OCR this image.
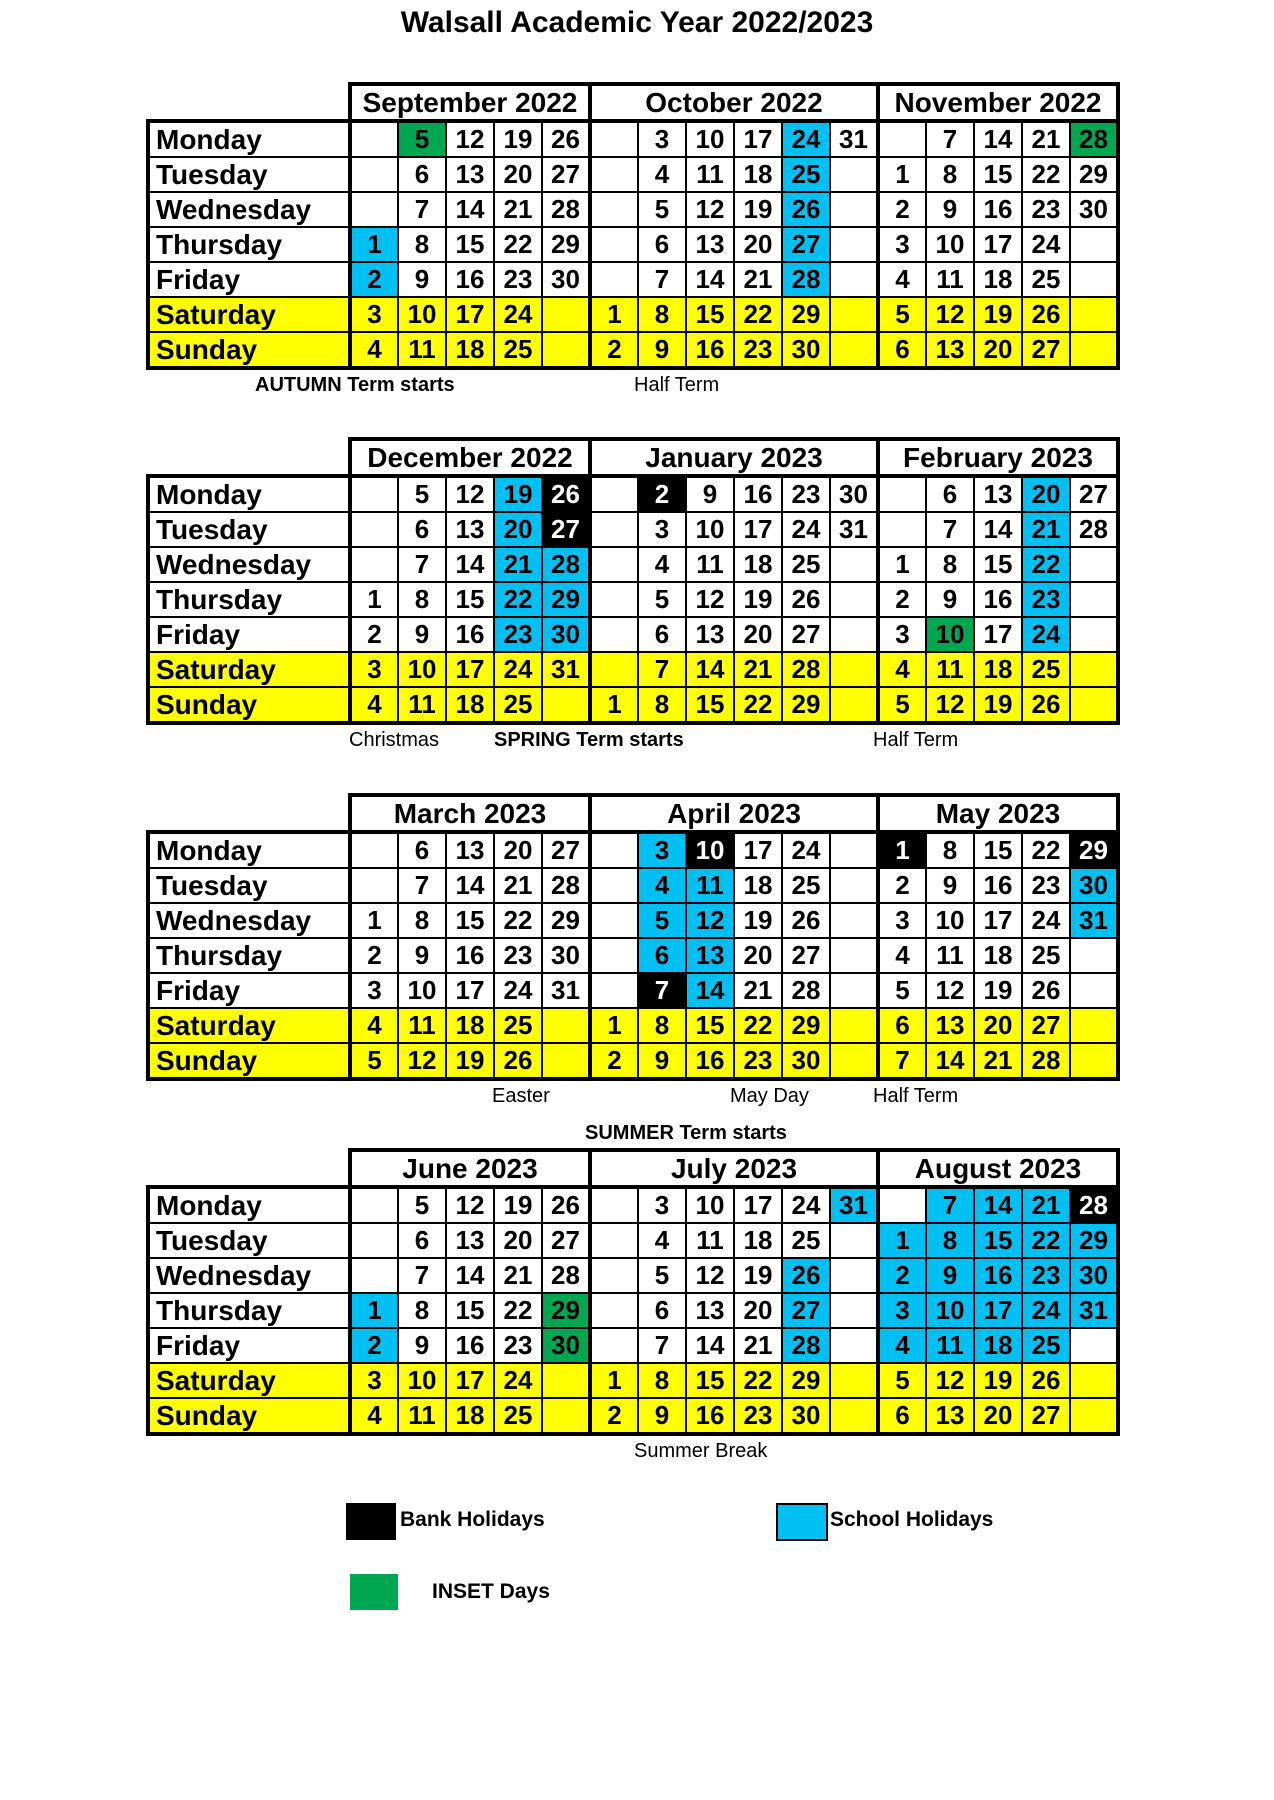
Walsall Academic Year 2022/2023
	September 2022					October 2022						November 2022				
Monday		5	12	19	26		3	10	17	24	31		7	14	21	28
Tuesday		6	13	20	27		4	11	18	25		1	8	15	22	29
Wednesday		7	14	21	28		5	12	19	26		2	9	16	23	30
Thursday	1	8	15	22	29		6	13	20	27		3	10	17	24	
Friday	2	9	16	23	30		7	14	21	28		4	11	18	25	
Saturday	3	10	17	24		1	8	15	22	29		5	12	19	26	
Sunday	4	11	18	25		2	9	16	23	30		6	13	20	27	
AUTUMN Term starts	Half Term
	December 2022					January 2023						February 2023				
Monday		5	12	19	26		2	9	16	23	30		6	13	20	27
Tuesday		6	13	20	27		3	10	17	24	31		7	14	21	28
Wednesday		7	14	21	28		4	11	18	25		1	8	15	22	
Thursday	1	8	15	22	29		5	12	19	26		2	9	16	23	
Friday	2	9	16	23	30		6	13	20	27		3	10	17	24	
Saturday	3	10	17	24	31		7	14	21	28		4	11	18	25	
Sunday	4	11	18	25		1	8	15	22	29		5	12	19	26	
Christmas	SPRING Term starts	Half Term
	March 2023					April 2023						May 2023				
Monday		6	13	20	27		3	10	17	24		1	8	15	22	29
Tuesday		7	14	21	28		4	11	18	25		2	9	16	23	30
Wednesday	1	8	15	22	29		5	12	19	26		3	10	17	24	31
Thursday	2	9	16	23	30		6	13	20	27		4	11	18	25	
Friday	3	10	17	24	31		7	14	21	28		5	12	19	26	
Saturday	4	11	18	25		1	8	15	22	29		6	13	20	27	
Sunday	5	12	19	26		2	9	16	23	30		7	14	21	28	
Easter	May Day	Half Term
	June 2023					July 2023						August 2023				
Monday		5	12	19	26		3	10	17	24	31		7	14	21	28
Tuesday		6	13	20	27		4	11	18	25		1	8	15	22	29
Wednesday		7	14	21	28		5	12	19	26		2	9	16	23	30
Thursday	1	8	15	22	29		6	13	20	27		3	10	17	24	31
Friday	2	9	16	23	30		7	14	21	28		4	11	18	25	
Saturday	3	10	17	24		1	8	15	22	29		5	12	19	26	
Sunday	4	11	18	25		2	9	16	23	30		6	13	20	27	
Summer Break
Bank Holidays	School Holidays
INSET Days
SUMMER Term starts
